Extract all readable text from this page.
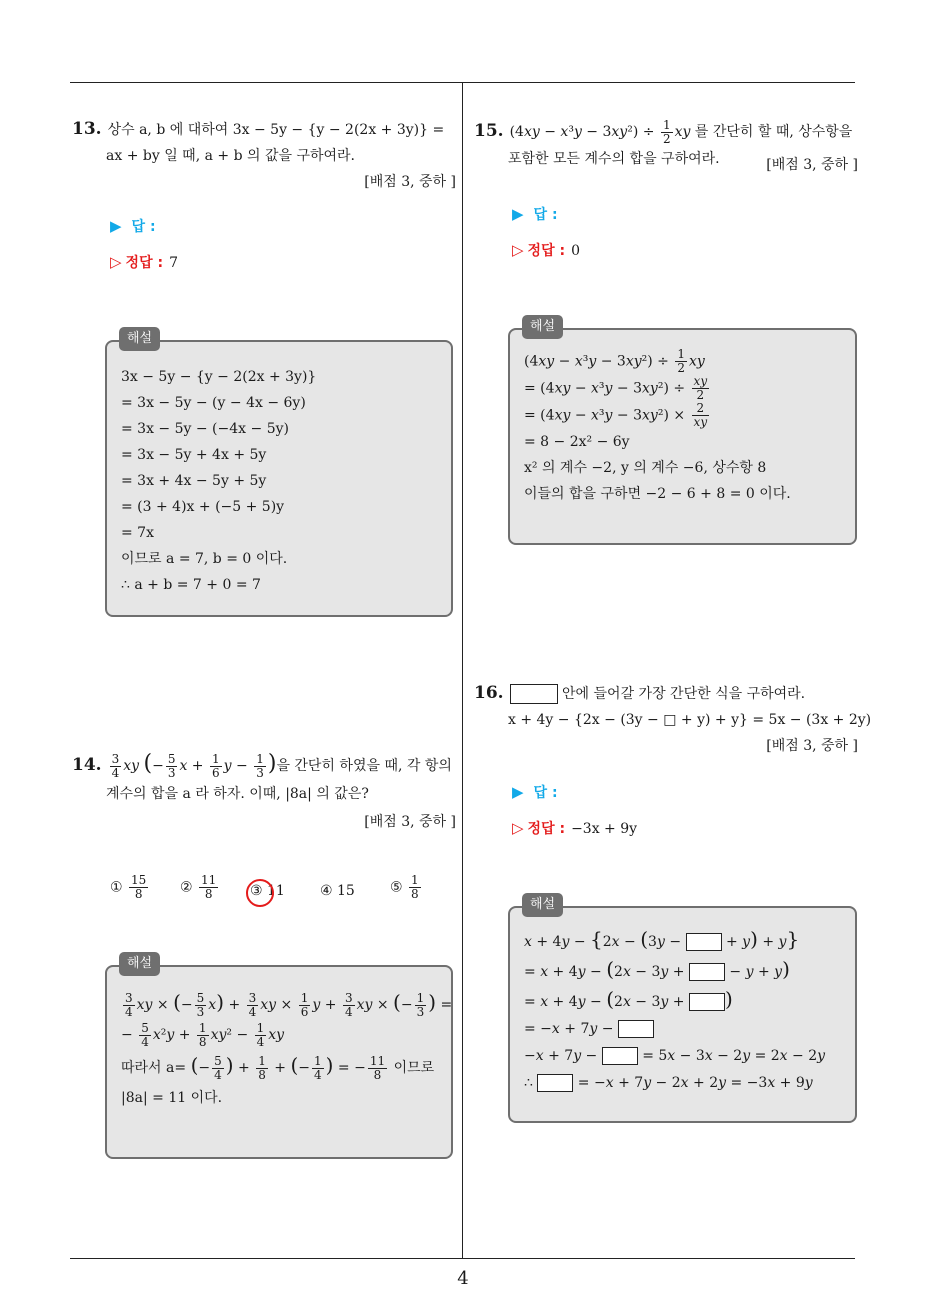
4
13. 상수 a, b 에 대하여 3x − 5y − {y − 2(2x + 3y)} =
ax + by 일 때, a + b 의 값을 구하여라.
[배점 3, 중하 ]
▶ 답 :
▷ 정답 : 7
해설
3x − 5y − {y − 2(2x + 3y)}
= 3x − 5y − (y − 4x − 6y)
= 3x − 5y − (−4x − 5y)
= 3x − 5y + 4x + 5y
= 3x + 4x − 5y + 5y
= (3 + 4)x + (−5 + 5)y
= 7x
이므로 a = 7, b = 0 이다.
∴ a + b = 7 + 0 = 7
14. $\frac{3}{4}$ xy (− $\frac{5}{3}$ $x + \frac{1}{6}$ $y - \frac{1}{3}$ )을 간단히 하였을 때, 각 항의
계수의 합을 a 라 하자. 이때, |8a| 의 값은?
[배점 3, 중하 ]
① $\frac{15}{8}$ ② $\frac{11}{8}$ ③ 11	④ 15	⑤ $\frac{1}{8}$
해설
$\frac{3}{4}$ xy × (− $\frac{5}{3} x) + \frac{3}{4}$ xy × $\frac{1}{6}$ $y + \frac{3}{4}$ xy × (− $\frac{1}{3}$ ) =
− $\frac{5}{4} x^2y + \frac{1}{8} xy^2 - \frac{1}{4}$ xy
따라서 a= (− $\frac{5}{4}$ ) + $\frac{1}{8}$ + (− $\frac{1}{4}$ ) = − $\frac{11}{8}$ 이므로
|8a| = 11 이다.
15. $(4xy - x^3y - 3xy^2) \div \frac{1}{2}$ xy 를 간단히 할 때, 상수항을
포함한 모든 계수의 합을 구하여라.	[배점 3, 중하 ]
▶ 답 :
▷ 정답 : 0
해설
$(4xy - x^3y - 3xy^2) \div \frac{1}{2}$ xy
= $(4xy - x^3y - 3xy^2) \div \frac{xy}{2}$
= $(4xy - x^3y - 3xy^2) \times \frac{2}{xy}$
= 8 − 2x² − 6y
x² 의 계수 −2, y 의 계수 −6, 상수항 8
이들의 합을 구하면 −2 − 6 + 8 = 0 이다.
16.	안에 들어갈 가장 간단한 식을 구하여라.
x + 4y − {2x − (3y − □ + y) + y} = 5x − (3x + 2y)
[배점 3, 중하 ]
▶ 답 :
▷ 정답 : −3x + 9y
해설
x + 4y − {2x − (3y −	+ y) + y}
= x + 4y − (2x − 3y +	− y + y)
= x + 4y − (2x − 3y + )
= −x + 7y −
−x + 7y −	= 5x − 3x − 2y = 2x − 2y
∴	= −x + 7y − 2x + 2y = −3x + 9y
